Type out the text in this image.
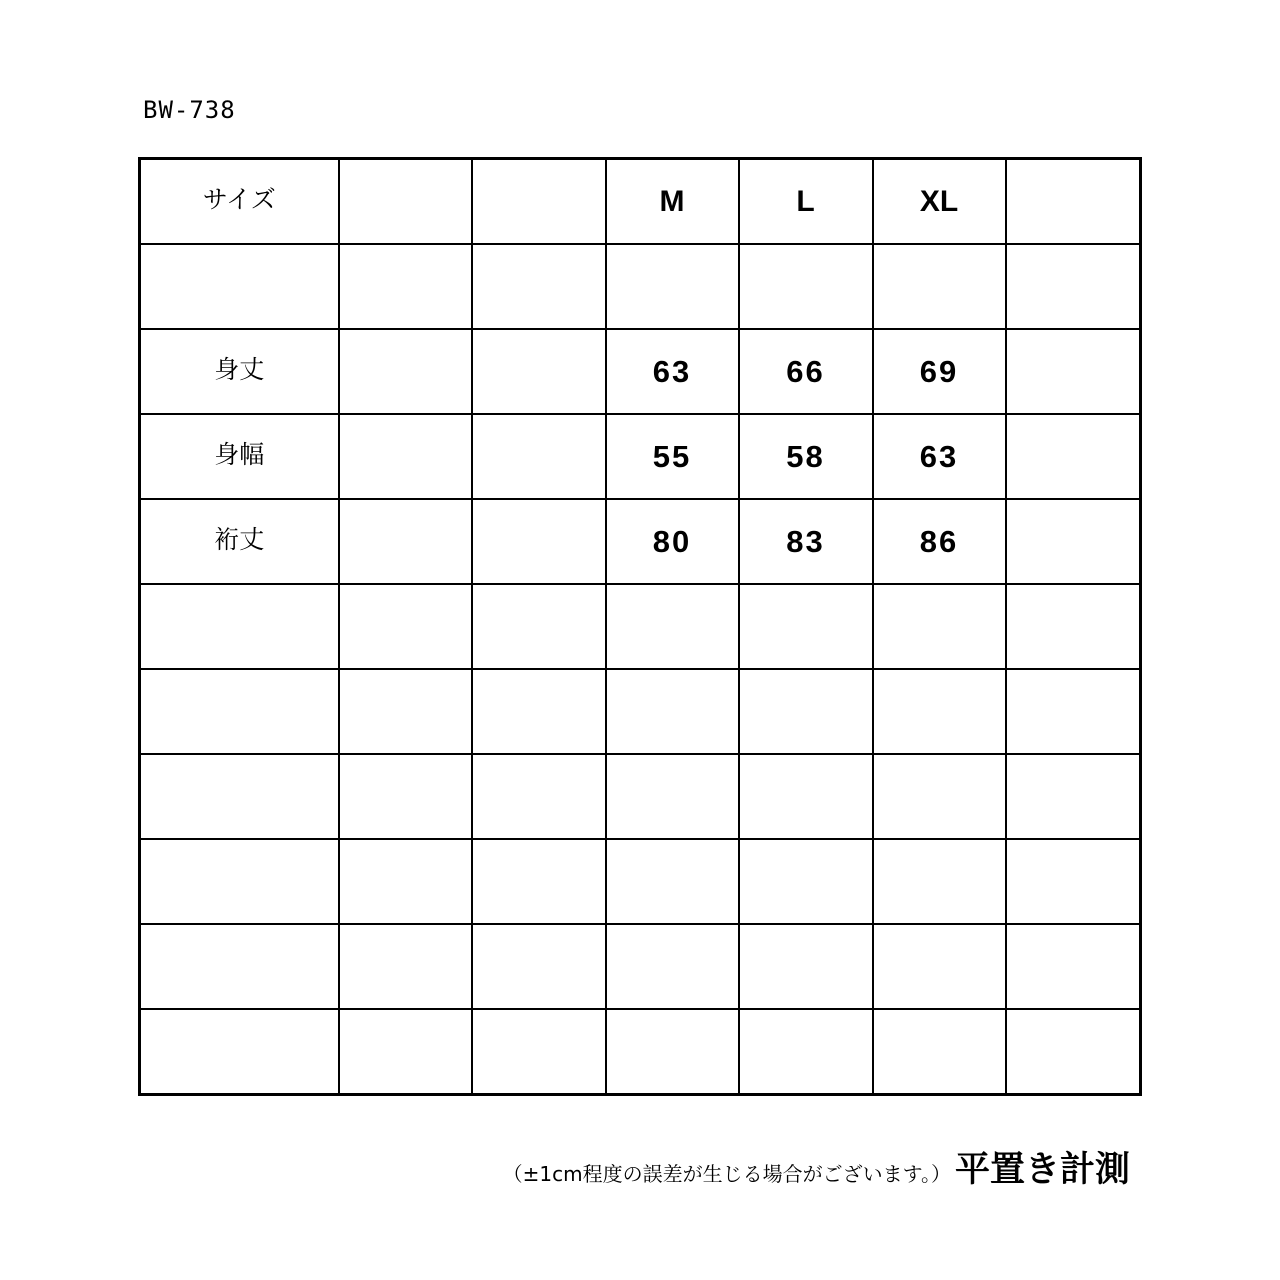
BW-738
サイズ			M	L	XL	

身丈			63	66	69	
身幅			55	58	63	
裄丈			80	83	86	

（±1cm程度の誤差が生じる場合がございます。） 平置き計測
